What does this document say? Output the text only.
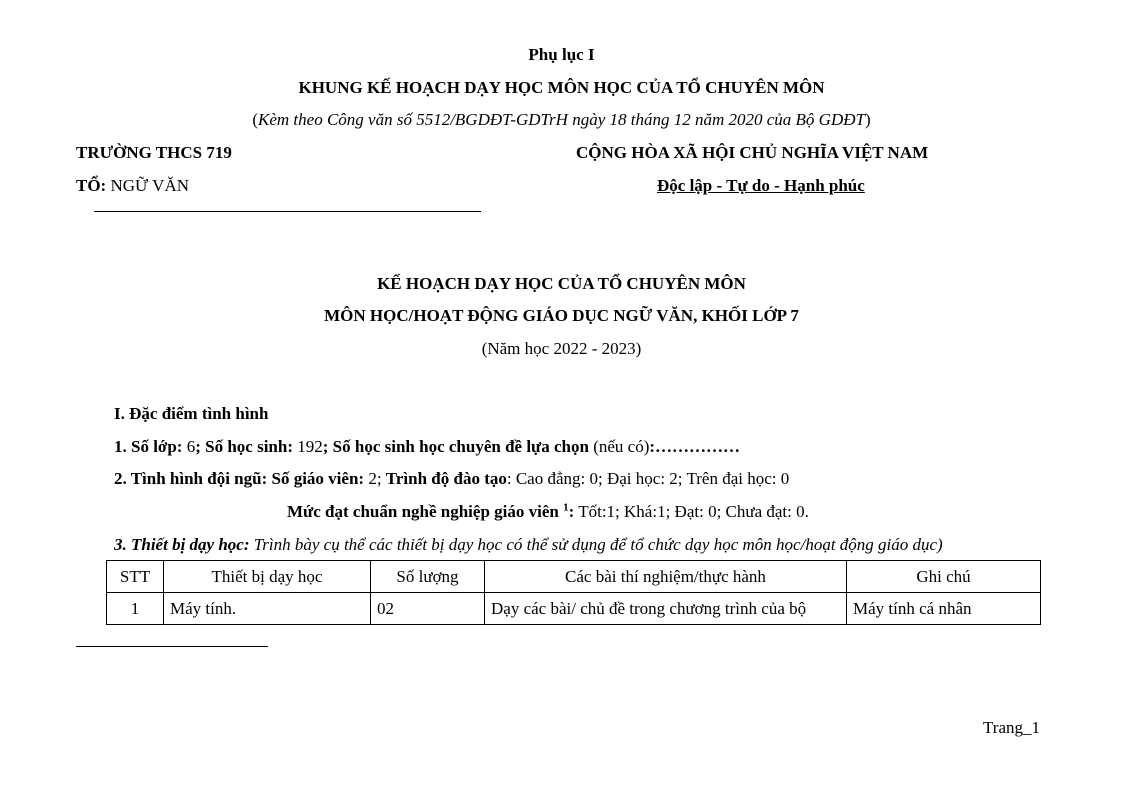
Phụ lục I
KHUNG KẾ HOẠCH DẠY HỌC MÔN HỌC CỦA TỔ CHUYÊN MÔN
(Kèm theo Công văn số 5512/BGDĐT-GDTrH ngày 18 tháng 12 năm 2020 của Bộ GDĐT)
TRƯỜNG THCS 719
TỔ: NGỮ VĂN
CỘNG HÒA XÃ HỘI CHỦ NGHĨA VIỆT NAM
Độc lập - Tự do - Hạnh phúc
KẾ HOẠCH DẠY HỌC CỦA TỔ CHUYÊN MÔN
MÔN HỌC/HOẠT ĐỘNG GIÁO DỤC NGỮ VĂN, KHỐI LỚP 7
(Năm học 2022 - 2023)
I. Đặc điểm tình hình
1. Số lớp: 6; Số học sinh: 192; Số học sinh học chuyên đề lựa chọn (nếu có):……………
2. Tình hình đội ngũ: Số giáo viên: 2; Trình độ đào tạo: Cao đẳng: 0; Đại học: 2; Trên đại học: 0
Mức đạt chuẩn nghề nghiệp giáo viên $^1$: Tốt:1; Khá:1; Đạt: 0; Chưa đạt: 0.
3. Thiết bị dạy học: Trình bày cụ thể các thiết bị dạy học có thể sử dụng để tổ chức dạy học môn học/hoạt động giáo dục)
STT	Thiết bị dạy học	Số lượng	Các bài thí nghiệm/thực hành	Ghi chú
1	Máy tính.	02	Dạy các bài/ chủ đề trong chương trình của bộ	Máy tính cá nhân
Trang_1
